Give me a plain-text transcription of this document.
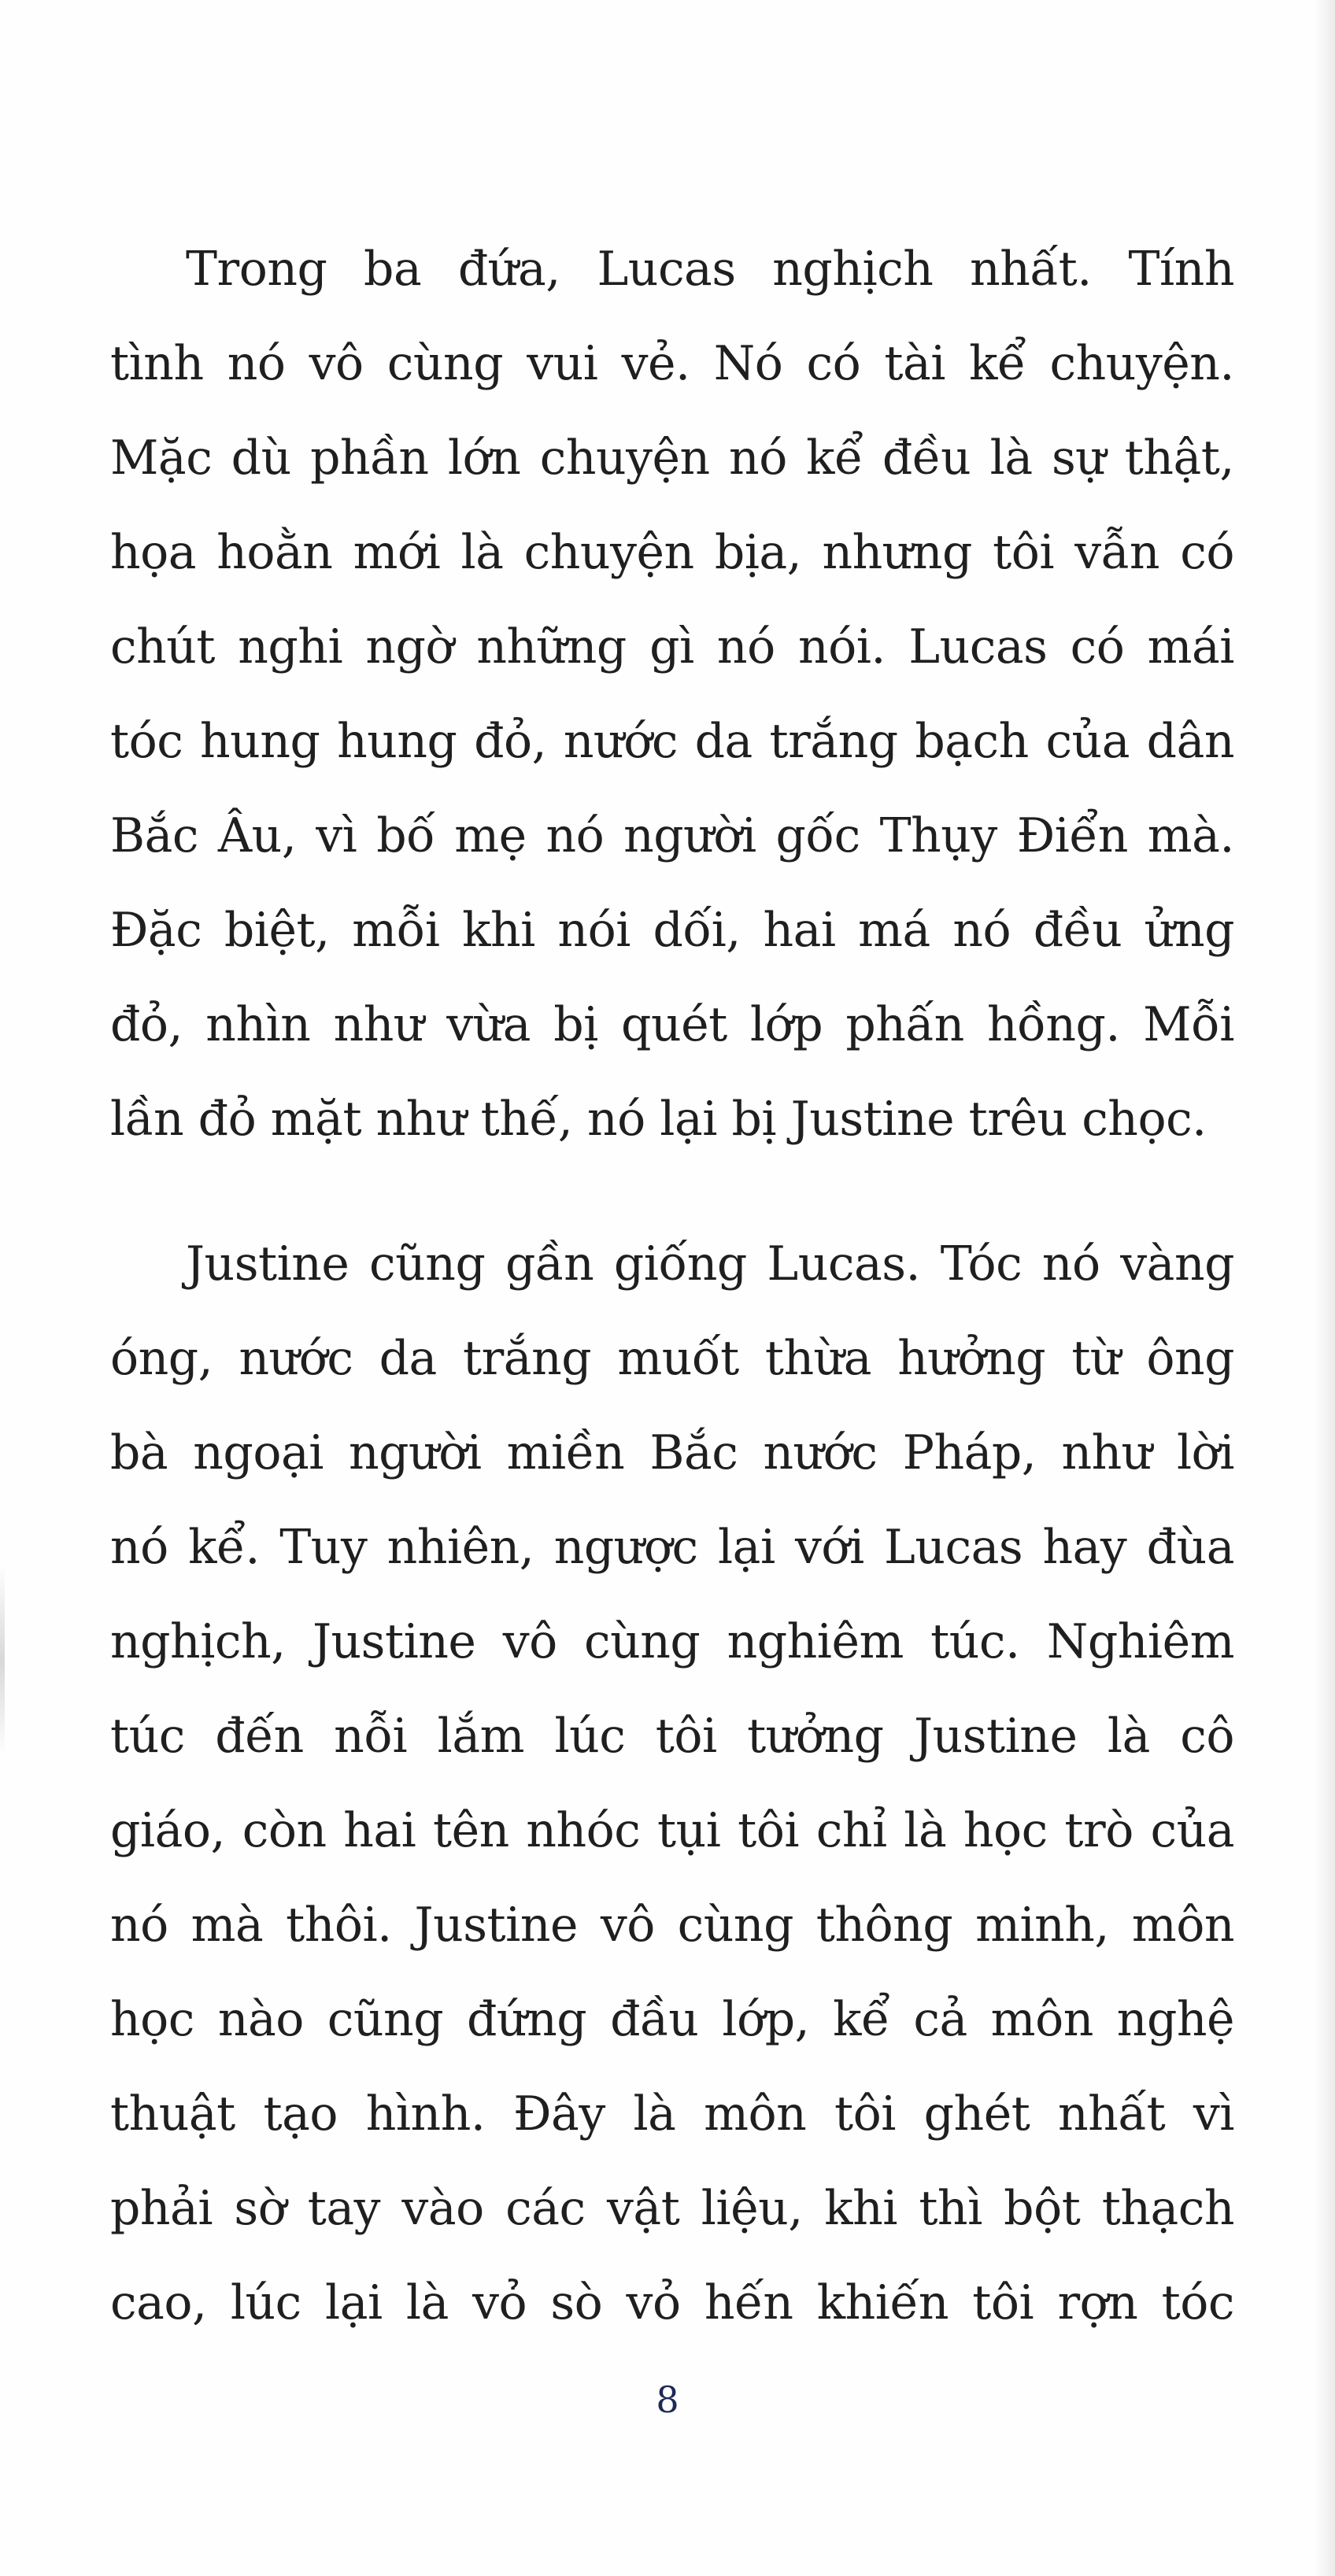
Trong ba đứa, Lucas nghịch nhất. Tính
tình nó vô cùng vui vẻ. Nó có tài kể chuyện.
Mặc dù phần lớn chuyện nó kể đều là sự thật,
họa hoằn mới là chuyện bịa, nhưng tôi vẫn có
chút nghi ngờ những gì nó nói. Lucas có mái
tóc hung hung đỏ, nước da trắng bạch của dân
Bắc Âu, vì bố mẹ nó người gốc Thụy Điển mà.
Đặc biệt, mỗi khi nói dối, hai má nó đều ửng
đỏ, nhìn như vừa bị quét lớp phấn hồng. Mỗi
lần đỏ mặt như thế, nó lại bị Justine trêu chọc.
Justine cũng gần giống Lucas. Tóc nó vàng
óng, nước da trắng muốt thừa hưởng từ ông
bà ngoại người miền Bắc nước Pháp, như lời
nó kể. Tuy nhiên, ngược lại với Lucas hay đùa
nghịch, Justine vô cùng nghiêm túc. Nghiêm
túc đến nỗi lắm lúc tôi tưởng Justine là cô
giáo, còn hai tên nhóc tụi tôi chỉ là học trò của
nó mà thôi. Justine vô cùng thông minh, môn
học nào cũng đứng đầu lớp, kể cả môn nghệ
thuật tạo hình. Đây là môn tôi ghét nhất vì
phải sờ tay vào các vật liệu, khi thì bột thạch
cao, lúc lại là vỏ sò vỏ hến khiến tôi rợn tóc
8
